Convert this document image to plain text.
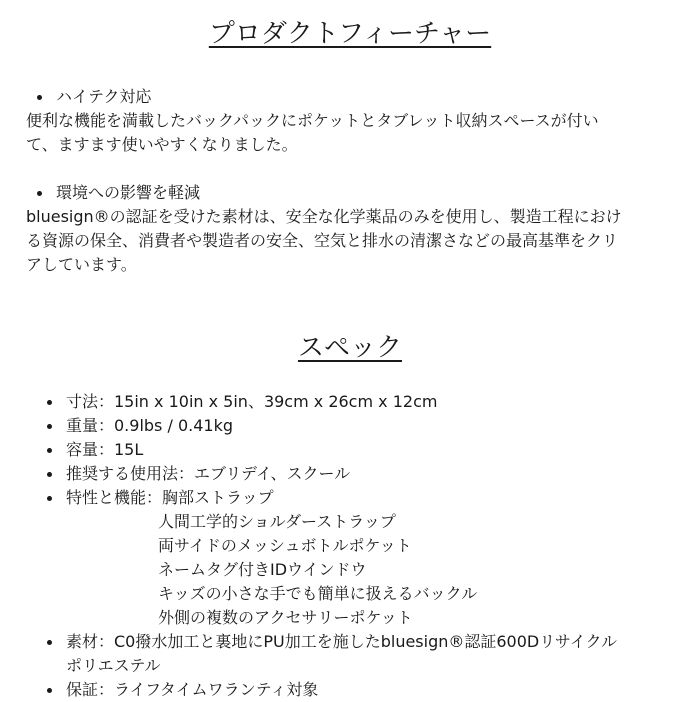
プロダクトフィーチャー
ハイテク対応

便利な機能を満載したバックパックにポケットとタブレット収納スペースが付い
て、ますます使いやすくなりました。

環境への影響を軽減

bluesign®の認証を受けた素材は、安全な化学薬品のみを使用し、製造工程におけ
る資源の保全、消費者や製造者の安全、空気と排水の清潔さなどの最高基準をクリ
アしています。

スペック
寸法：15in x 10in x 5in、39cm x 26cm x 12cm
重量：0.9lbs / 0.41kg
容量：15L
推奨する使用法：エブリデイ、スクール
特性と機能：胸部ストラップ
人間工学的ショルダーストラップ
両サイドのメッシュボトルポケット
ネームタグ付きIDウインドウ
キッズの小さな手でも簡単に扱えるバックル
外側の複数のアクセサリーポケット
素材：C0撥水加工と裏地にPU加工を施したbluesign®認証600Dリサイクル
ポリエステル
保証：ライフタイムワランティ対象
